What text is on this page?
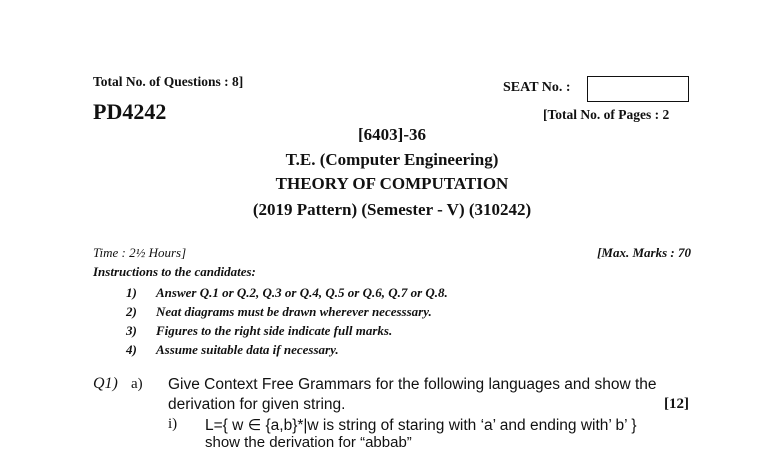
Total No. of Questions : 8]	SEAT No. :
PD4242	[Total No. of Pages : 2
[6403]-36
T.E. (Computer Engineering)
THEORY OF COMPUTATION
(2019 Pattern) (Semester - V) (310242)
Time : 2½ Hours]	[Max. Marks : 70
Instructions to the candidates:
1) Answer Q.1 or Q.2, Q.3 or Q.4, Q.5 or Q.6, Q.7 or Q.8.
2) Neat diagrams must be drawn wherever necesssary.
3) Figures to the right side indicate full marks.
4) Assume suitable data if necessary.
Q1) a) Give Context Free Grammars for the following languages and show the
derivation for given string.	[12]
i) L={ w ∈ {a,b}*|w is string of staring with ‘a’ and ending with’ b’ }
show the derivation for “abbab”
